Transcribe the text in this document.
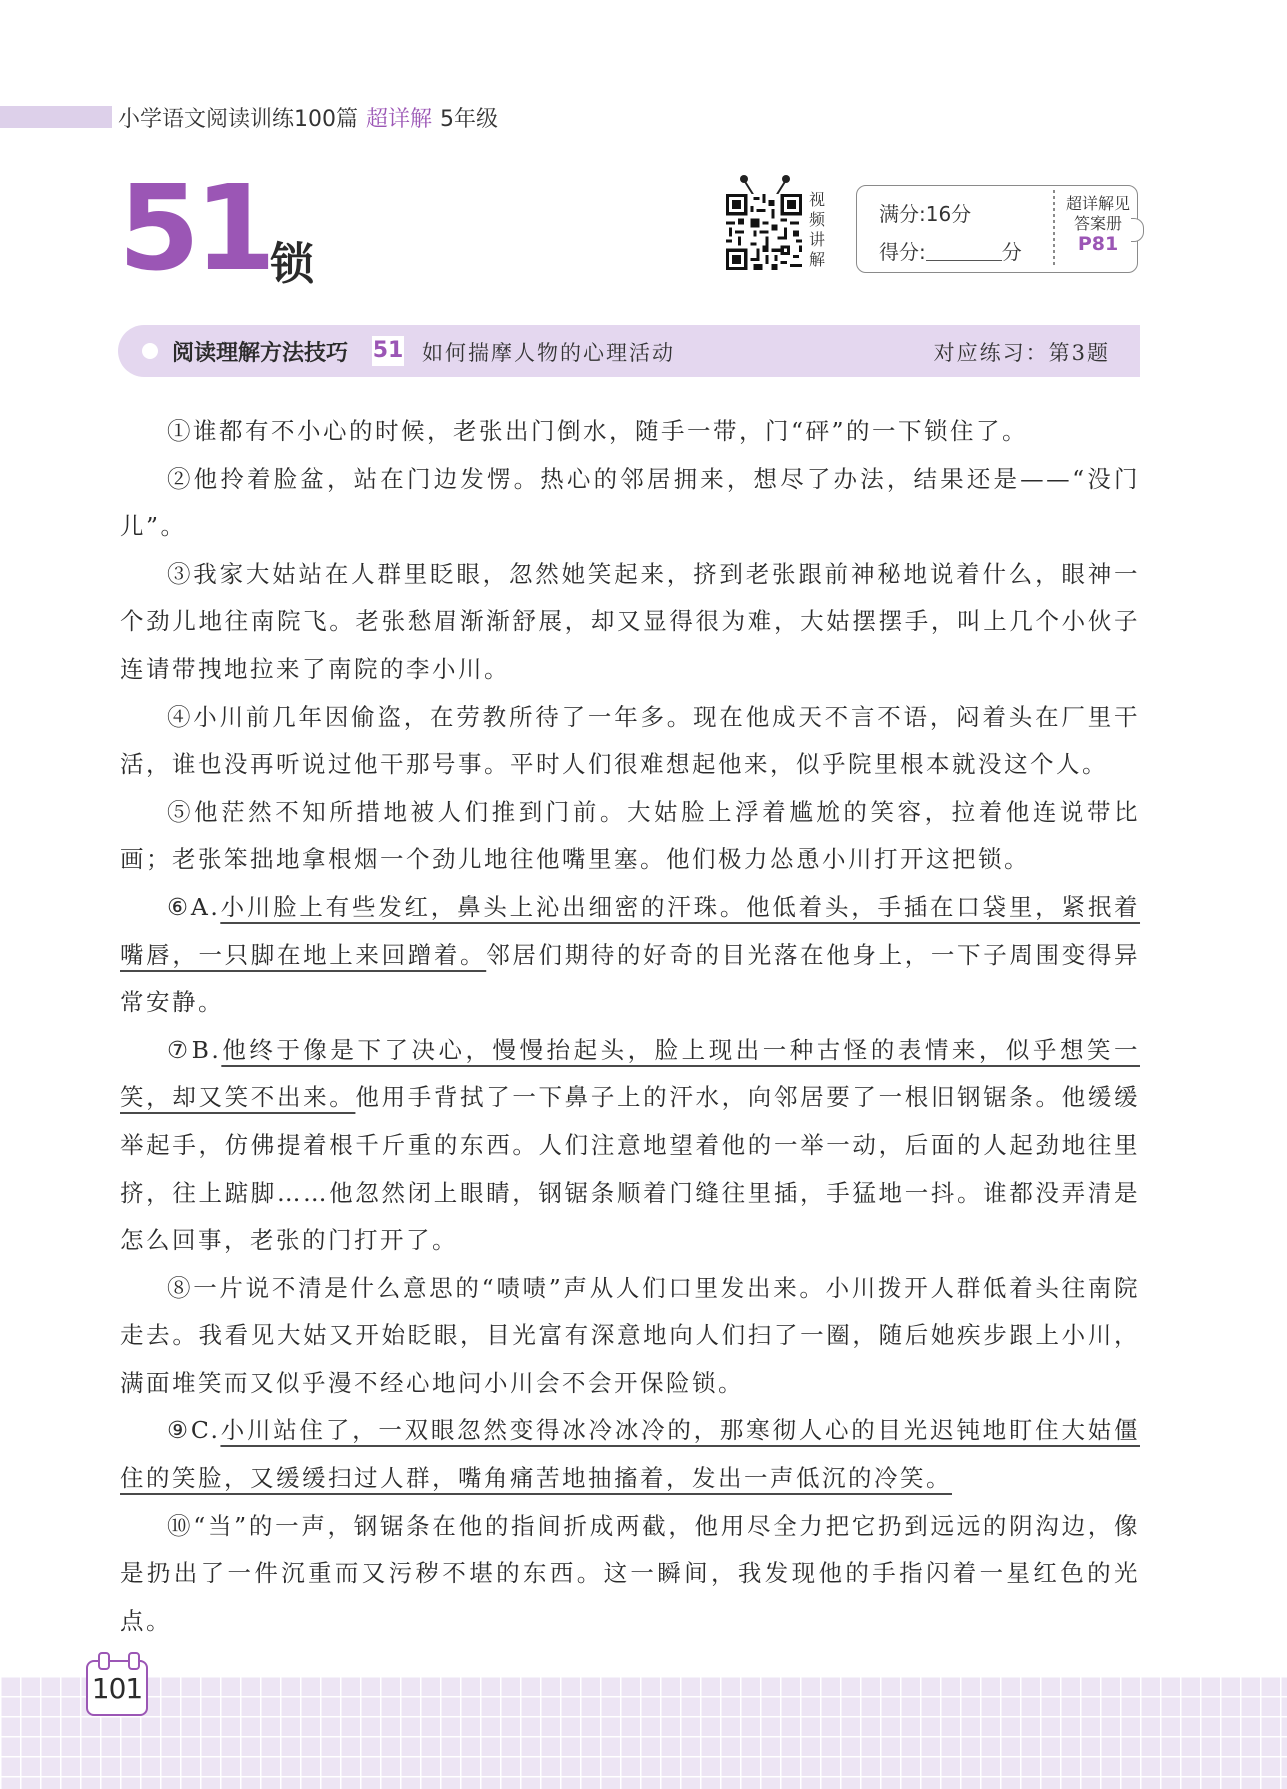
小学语文阅读训练100篇 超详解 5年级
51 锁
视
频
讲
解
满分:16分
得分:	分
超详解见
答案册
P81
阅读理解方法技巧 51 如何揣摩人物的心理活动	对应练习：第3题

①谁都有不小心的时候，老张出门倒水，随手一带，门“砰”的一下锁住了。

②他拎着脸盆，站在门边发愣。热心的邻居拥来，想尽了办法，结果还是——“没门儿”。

③我家大姑站在人群里眨眼，忽然她笑起来，挤到老张跟前神秘地说着什么，眼神一个劲儿地往南院飞。老张愁眉渐渐舒展，却又显得很为难，大姑摆摆手，叫上几个小伙子连请带拽地拉来了南院的李小川。

④小川前几年因偷盗，在劳教所待了一年多。现在他成天不言不语，闷着头在厂里干活，谁也没再听说过他干那号事。平时人们很难想起他来，似乎院里根本就没这个人。

⑤他茫然不知所措地被人们推到门前。大姑脸上浮着尴尬的笑容，拉着他连说带比画；老张笨拙地拿根烟一个劲儿地往他嘴里塞。他们极力怂恿小川打开这把锁。

⑥A.小川脸上有些发红，鼻头上沁出细密的汗珠。他低着头，手插在口袋里，紧抿着嘴唇，一只脚在地上来回蹭着。邻居们期待的好奇的目光落在他身上，一下子周围变得异常安静。

⑦B.他终于像是下了决心，慢慢抬起头，脸上现出一种古怪的表情来，似乎想笑一笑，却又笑不出来。他用手背拭了一下鼻子上的汗水，向邻居要了一根旧钢锯条。他缓缓举起手，仿佛提着根千斤重的东西。人们注意地望着他的一举一动，后面的人起劲地往里挤，往上踮脚……他忽然闭上眼睛，钢锯条顺着门缝往里插，手猛地一抖。谁都没弄清是怎么回事，老张的门打开了。

⑧一片说不清是什么意思的“啧啧”声从人们口里发出来。小川拨开人群低着头往南院走去。我看见大姑又开始眨眼，目光富有深意地向人们扫了一圈，随后她疾步跟上小川，满面堆笑而又似乎漫不经心地问小川会不会开保险锁。

⑨C.小川站住了，一双眼忽然变得冰冷冰冷的，那寒彻人心的目光迟钝地盯住大姑僵住的笑脸，又缓缓扫过人群，嘴角痛苦地抽搐着，发出一声低沉的冷笑。

⑩“当”的一声，钢锯条在他的指间折成两截，他用尽全力把它扔到远远的阴沟边，像是扔出了一件沉重而又污秽不堪的东西。这一瞬间，我发现他的手指闪着一星红色的光点。

101
